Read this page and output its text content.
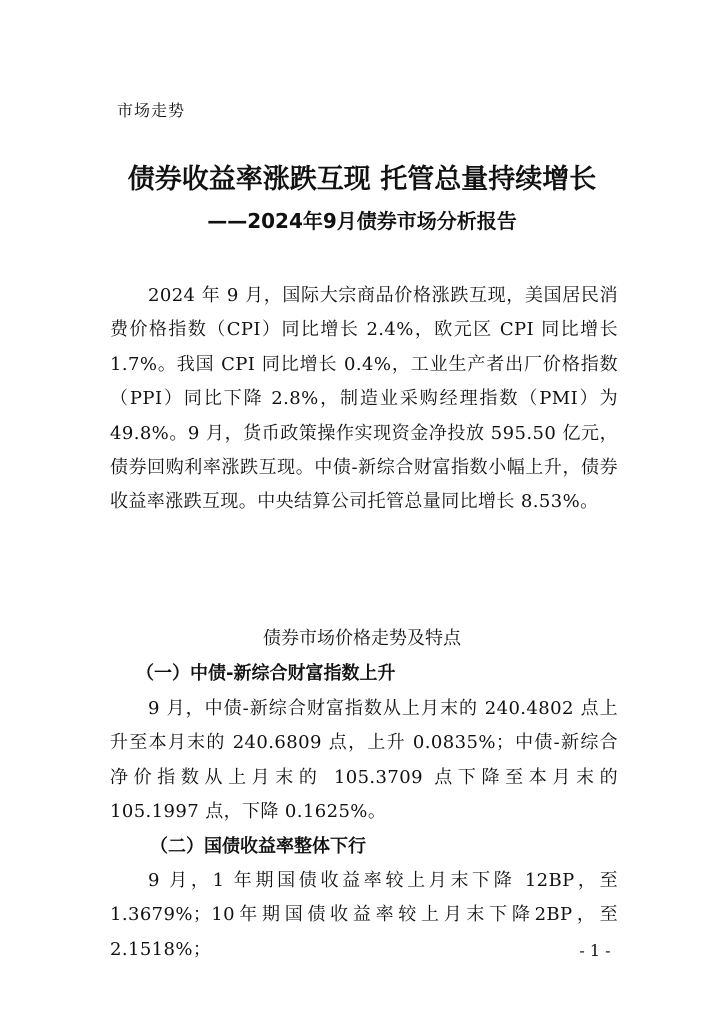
市场走势
债券收益率涨跌互现 托管总量持续增长
——2024年9月债券市场分析报告
2024 年 9 月，国际大宗商品价格涨跌互现，美国居民消费价格指数（CPI）同比增长 2.4%，欧元区 CPI 同比增长 1.7%。我国 CPI 同比增长 0.4%，工业生产者出厂价格指数（PPI）同比下降 2.8%，制造业采购经理指数（PMI）为 49.8%。9 月，货币政策操作实现资金净投放 595.50 亿元，债券回购利率涨跌互现。中债-新综合财富指数小幅上升，债券收益率涨跌互现。中央结算公司托管总量同比增长 8.53%。
债券市场价格走势及特点
（一）中债-新综合财富指数上升
9 月，中债-新综合财富指数从上月末的 240.4802 点上升至本月末的 240.6809 点，上升 0.0835%；中债-新综合净价指数从上月末的 105.3709 点下降至本月末的 105.1997 点，下降 0.1625%。
（二）国债收益率整体下行
9 月，1 年期国债收益率较上月末下降 12BP，至 1.3679%；10年期国债收益率较上月末下降2BP，至2.1518%；	- 1 -
